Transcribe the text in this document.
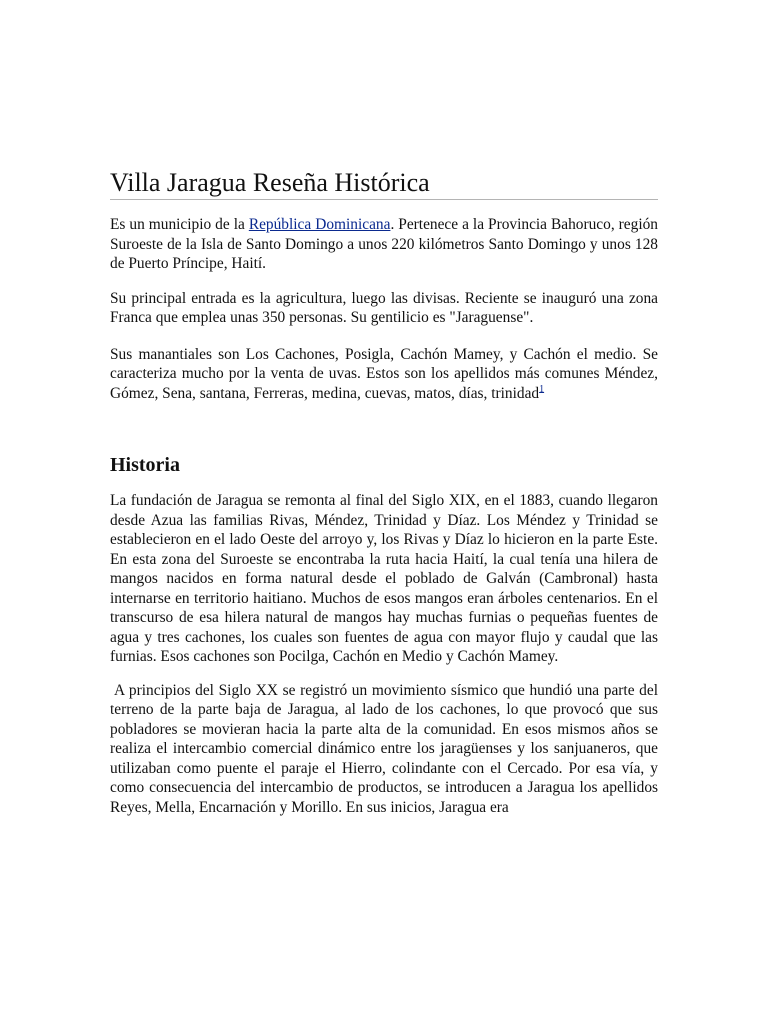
Villa Jaragua Reseña Histórica

Es un municipio de la República Dominicana. Pertenece a la Provincia Bahoruco, región Suroeste de la Isla de Santo Domingo a unos 220 kilómetros Santo Domingo y unos 128 de Puerto Príncipe, Haití.

Su principal entrada es la agricultura, luego las divisas. Reciente se inauguró una zona Franca que emplea unas 350 personas. Su gentilicio es "Jaraguense".

Sus manantiales son Los Cachones, Posigla, Cachón Mamey, y Cachón el medio. Se caracteriza mucho por la venta de uvas. Estos son los apellidos más comunes Méndez, Gómez, Sena, santana, Ferreras, medina, cuevas, matos, días, trinidad$^1$

Historia

La fundación de Jaragua se remonta al final del Siglo XIX, en el 1883, cuando llegaron desde Azua las familias Rivas, Méndez, Trinidad y Díaz. Los Méndez y Trinidad se establecieron en el lado Oeste del arroyo y, los Rivas y Díaz lo hicieron en la parte Este. En esta zona del Suroeste se encontraba la ruta hacia Haití, la cual tenía una hilera de mangos nacidos en forma natural desde el poblado de Galván (Cambronal) hasta internarse en territorio haitiano. Muchos de esos mangos eran árboles centenarios. En el transcurso de esa hilera natural de mangos hay muchas furnias o pequeñas fuentes de agua y tres cachones, los cuales son fuentes de agua con mayor flujo y caudal que las furnias. Esos cachones son Pocilga, Cachón en Medio y Cachón Mamey.

A principios del Siglo XX se registró un movimiento sísmico que hundió una parte del terreno de la parte baja de Jaragua, al lado de los cachones, lo que provocó que sus pobladores se movieran hacia la parte alta de la comunidad. En esos mismos años se realiza el intercambio comercial dinámico entre los jaragüenses y los sanjuaneros, que utilizaban como puente el paraje el Hierro, colindante con el Cercado. Por esa vía, y como consecuencia del intercambio de productos, se introducen a Jaragua los apellidos Reyes, Mella, Encarnación y Morillo. En sus inicios, Jaragua era
